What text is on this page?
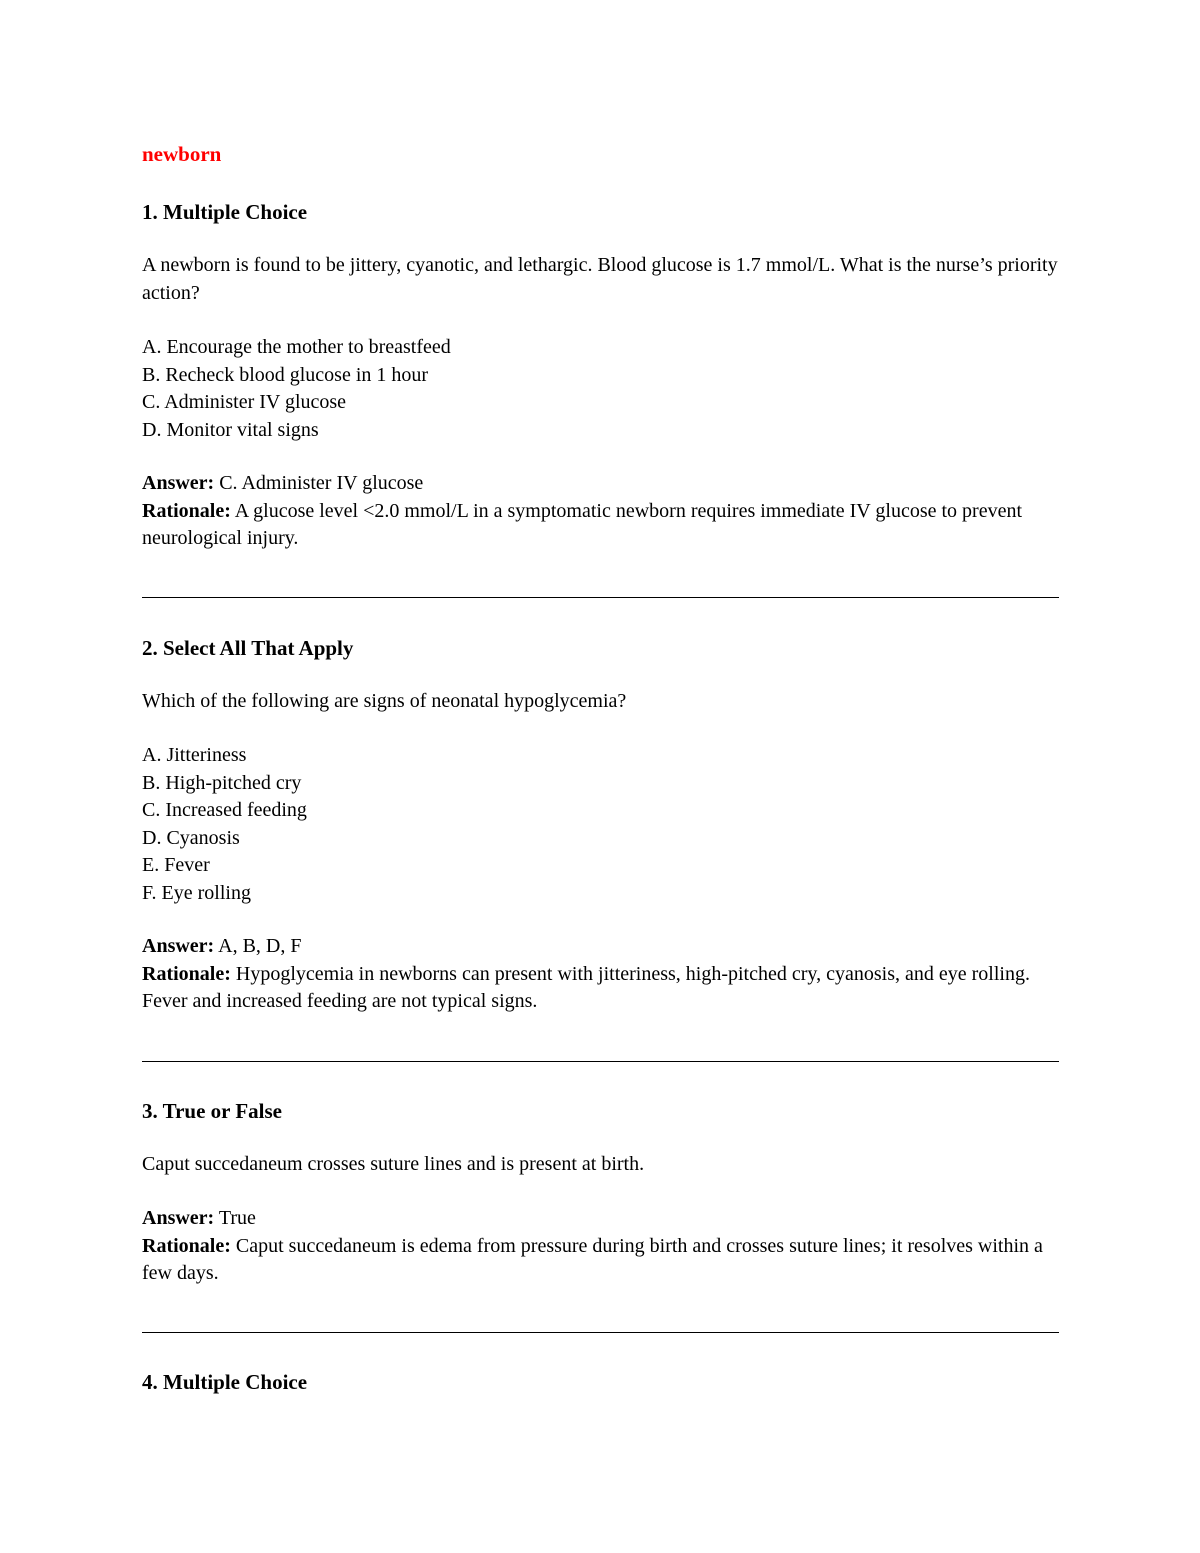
newborn
1. Multiple Choice

A newborn is found to be jittery, cyanotic, and lethargic. Blood glucose is 1.7 mmol/L. What is the nurse’s priority action?

A. Encourage the mother to breastfeed
B. Recheck blood glucose in 1 hour
C. Administer IV glucose
D. Monitor vital signs

Answer: C. Administer IV glucose

Rationale: A glucose level <2.0 mmol/L in a symptomatic newborn requires immediate IV glucose to prevent neurological injury.

2. Select All That Apply

Which of the following are signs of neonatal hypoglycemia?

A. Jitteriness
B. High-pitched cry
C. Increased feeding
D. Cyanosis
E. Fever
F. Eye rolling

Answer: A, B, D, F

Rationale: Hypoglycemia in newborns can present with jitteriness, high-pitched cry, cyanosis, and eye rolling. Fever and increased feeding are not typical signs.

3. True or False

Caput succedaneum crosses suture lines and is present at birth.

Answer: True

Rationale: Caput succedaneum is edema from pressure during birth and crosses suture lines; it resolves within a few days.

4. Multiple Choice
